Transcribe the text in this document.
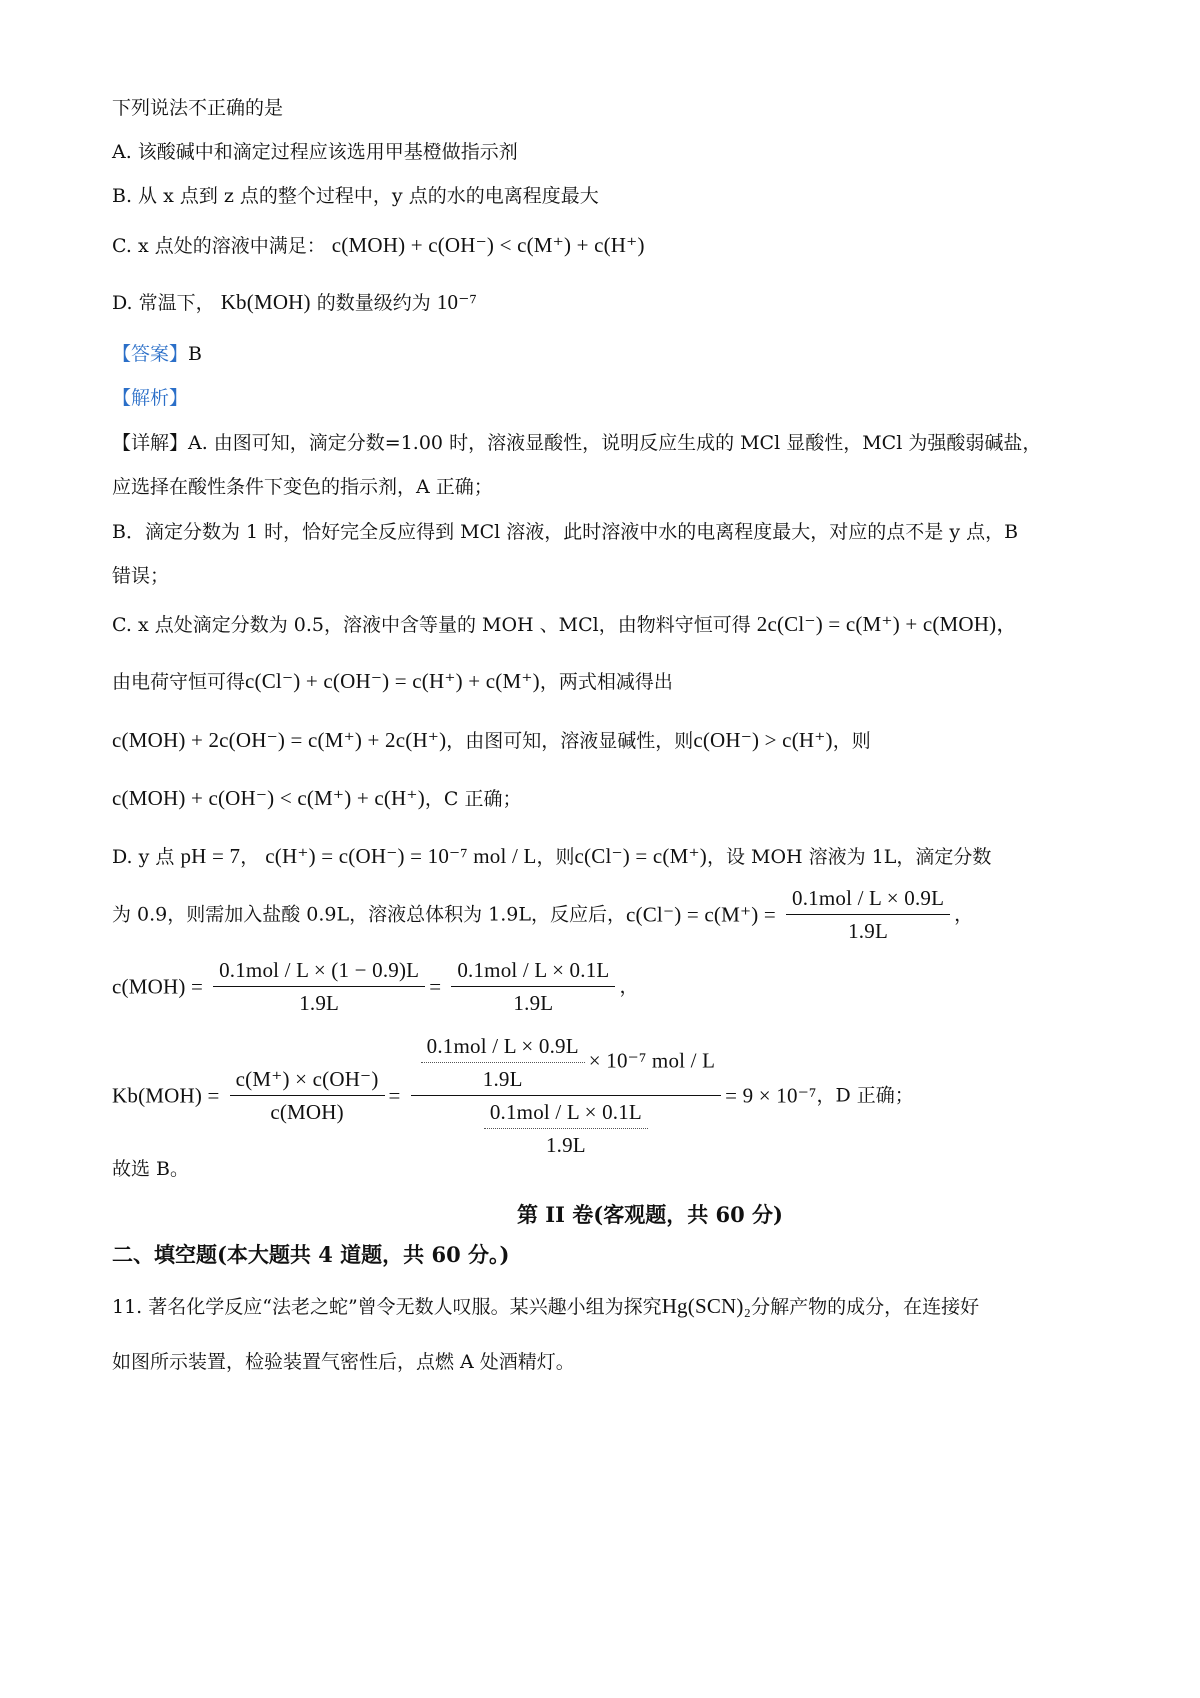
下列说法不正确的是
A. 该酸碱中和滴定过程应该选用甲基橙做指示剂
B. 从 x 点到 z 点的整个过程中，y 点的水的电离程度最大
C. x 点处的溶液中满足： c(MOH) + c(OH⁻) < c(M⁺) + c(H⁺)
D. 常温下， Kb(MOH) 的数量级约为 10⁻⁷
【答案】B
【解析】
【详解】A. 由图可知，滴定分数=1.00 时，溶液显酸性，说明反应生成的 MCl 显酸性，MCl 为强酸弱碱盐，
应选择在酸性条件下变色的指示剂，A 正确；
B．滴定分数为 1 时，恰好完全反应得到 MCl 溶液，此时溶液中水的电离程度最大，对应的点不是 y 点，B
错误；
C. x 点处滴定分数为 0.5，溶液中含等量的 MOH 、MCl，由物料守恒可得 2c(Cl⁻) = c(M⁺) + c(MOH)，
由电荷守恒可得c(Cl⁻) + c(OH⁻) = c(H⁺) + c(M⁺)，两式相减得出
c(MOH) + 2c(OH⁻) = c(M⁺) + 2c(H⁺)，由图可知，溶液显碱性，则c(OH⁻) > c(H⁺)，则
c(MOH) + c(OH⁻) < c(M⁺) + c(H⁺)，C 正确；
D. y 点 pH = 7， c(H⁺) = c(OH⁻) = 10⁻⁷ mol / L，则c(Cl⁻) = c(M⁺)，设 MOH 溶液为 1L，滴定分数
为 0.9，则需加入盐酸 0.9L，溶液总体积为 1.9L，反应后，$c(Cl^-) = c(M^+) = \frac{\text{0.1mol / L × 0.9L}}{1.9L}$ ，
$c(MOH) = \frac{\text{0.1mol / L × (1 − 0.9)L}}{1.9L} = \frac{\text{0.1mol / L × 0.1L}}{1.9L}$ ，
$Kb(MOH) = \frac{c(M^+) \times c(OH^-)}{\text{c(MOH)}} = \frac{\frac{\text{0.1mol / L × 0.9L}}{1.9L} \times 10^{-7} mol / L}{\frac{\text{0.1mol / L × 0.1L}}{1.9L}} = 9 \times 10^{-7}$，D 正确；
故选 B。
第 II 卷(客观题，共 60 分)
二、填空题(本大题共 4 道题，共 60 分。)
11. 著名化学反应“法老之蛇”曾令无数人叹服。某兴趣小组为探究Hg(SCN)₂分解产物的成分，在连接好
如图所示装置，检验装置气密性后，点燃 A 处酒精灯。
